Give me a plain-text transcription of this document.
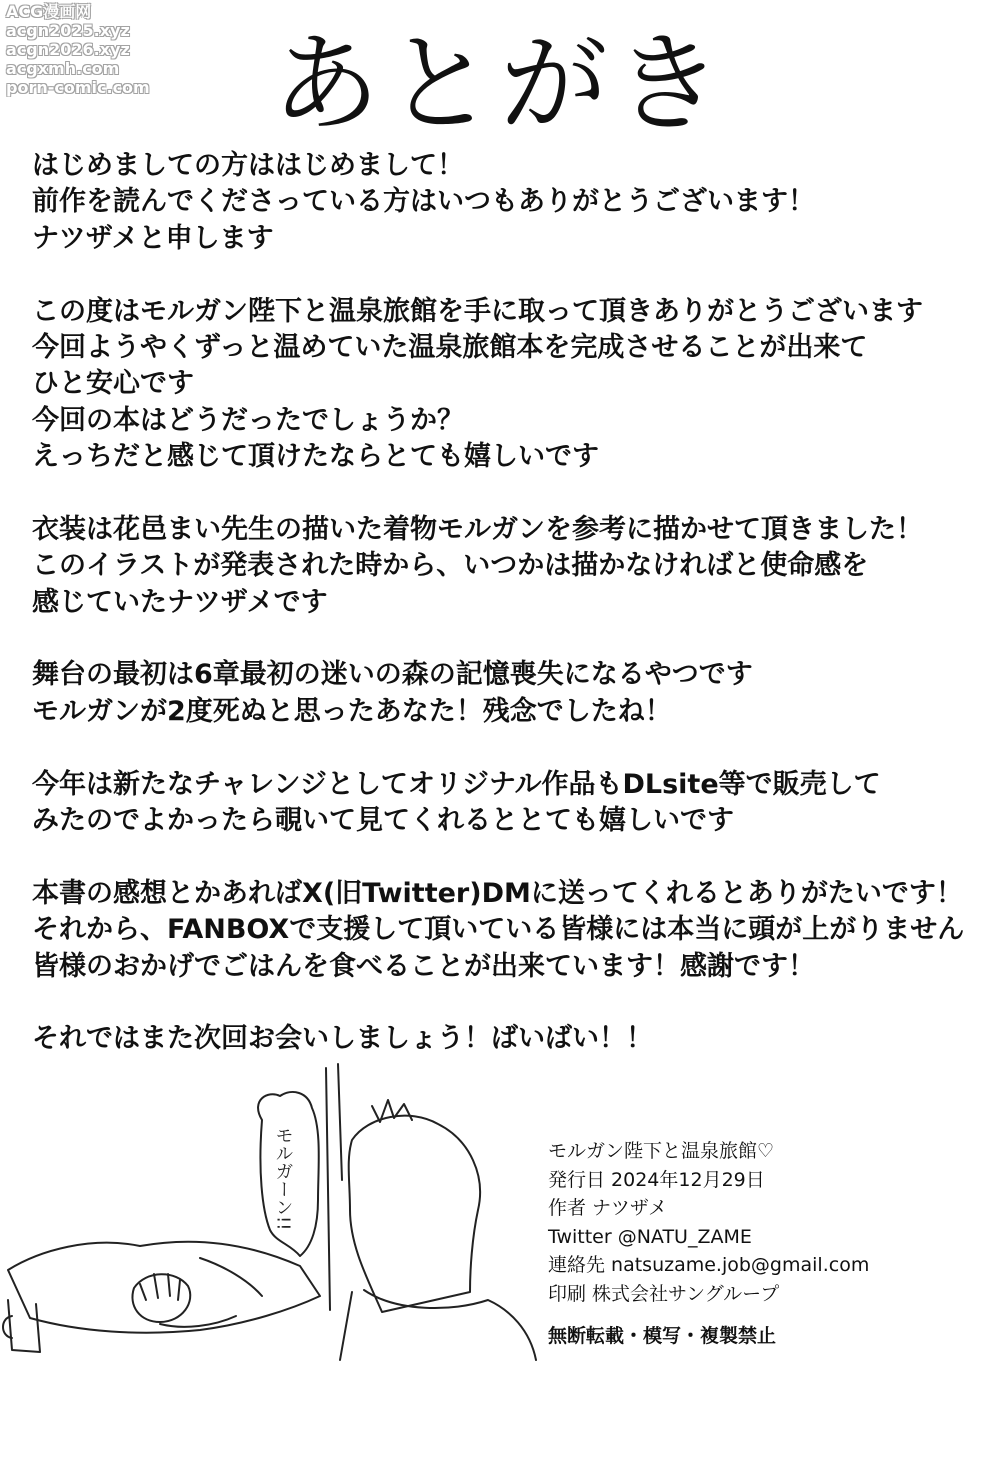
ACG漫画网
acgn2025.xyz
acgn2026.xyz
acgxmh.com
porn-comic.com	あとがき
はじめましての方ははじめまして！
前作を読んでくださっている方はいつもありがとうございます！
ナツザメと申します
この度はモルガン陛下と温泉旅館を手に取って頂きありがとうございます
今回ようやくずっと温めていた温泉旅館本を完成させることが出来て
ひと安心です
今回の本はどうだったでしょうか？
えっちだと感じて頂けたならとても嬉しいです
衣装は花邑まい先生の描いた着物モルガンを参考に描かせて頂きました！
このイラストが発表された時から、いつかは描かなければと使命感を
感じていたナツザメです
舞台の最初は6章最初の迷いの森の記憶喪失になるやつです
モルガンが2度死ぬと思ったあなた！残念でしたね！
今年は新たなチャレンジとしてオリジナル作品もDLsite等で販売して
みたのでよかったら覗いて見てくれるととても嬉しいです
本書の感想とかあればX(旧Twitter)DMに送ってくれるとありがたいです！
それから、FANBOXで支援して頂いている皆様には本当に頭が上がりません
皆様のおかげでごはんを食べることが出来ています！感謝です！
それではまた次回お会いしましょう！ばいばい！！
モルガーン!!	モルガン陛下と温泉旅館♡
発行日 2024年12月29日
作者 ナツザメ
Twitter @NATU_ZAME
連絡先 natsuzame.job@gmail.com
印刷 株式会社サングループ
無断転載・模写・複製禁止
